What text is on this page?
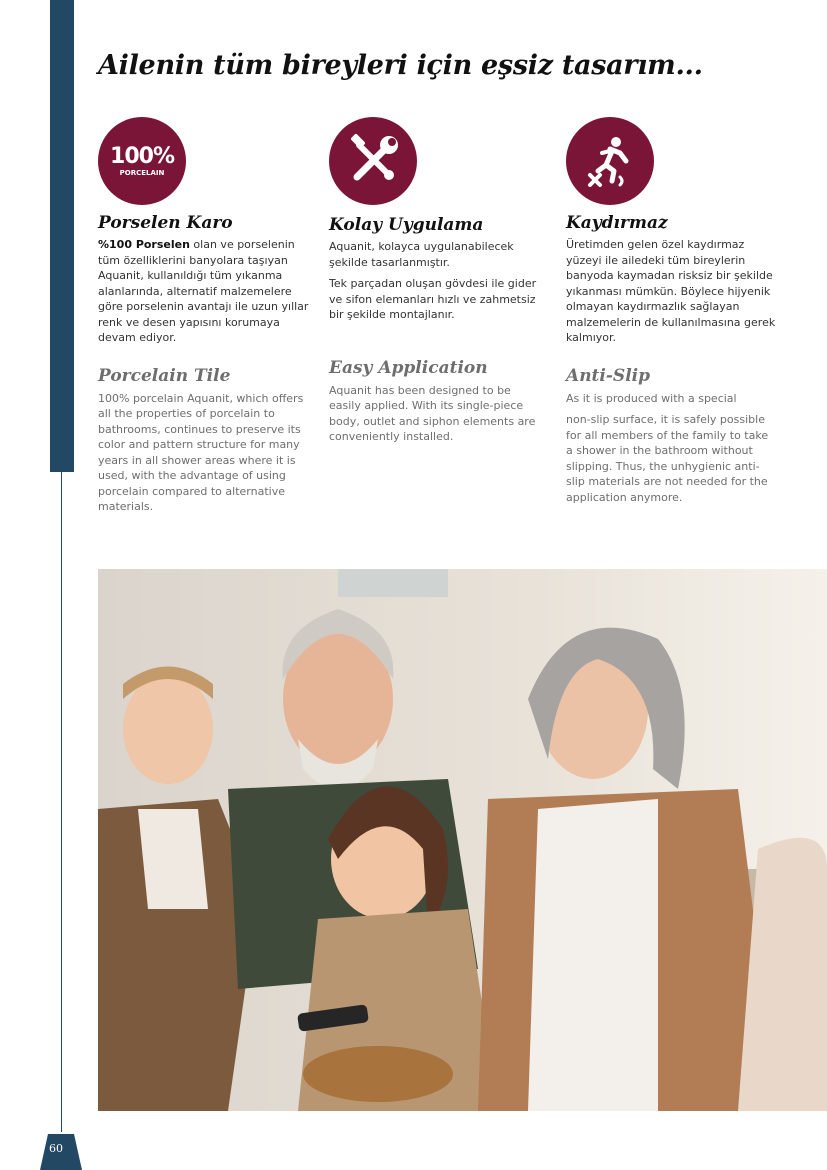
60
Ailenin tüm bireyleri için eşsiz tasarım...
100%
PORCELAIN
Porselen Karo

%100 Porselen olan ve porselenin tüm özelliklerini banyolara taşıyan Aquanit, kullanıldığı tüm yıkanma alanlarında, alternatif malzemelere göre porselenin avantajı ile uzun yıllar renk ve desen yapısını korumaya devam ediyor.

Porcelain Tile

100% porcelain Aquanit, which offers all the properties of porcelain to bathrooms, continues to preserve its color and pattern structure for many years in all shower areas where it is used, with the advantage of using porcelain compared to alternative materials.

Kolay Uygulama

Aquanit, kolayca uygulanabilecek şekilde tasarlanmıştır.

Tek parçadan oluşan gövdesi ile gider ve sifon elemanları hızlı ve zahmetsiz bir şekilde montajlanır.

Easy Application

Aquanit has been designed to be easily applied. With its single-piece body, outlet and siphon elements are conveniently installed.

Kaydırmaz

Üretimden gelen özel kaydırmaz yüzeyi ile ailedeki tüm bireylerin banyoda kaymadan risksiz bir şekilde yıkanması mümkün. Böylece hijyenik olmayan kaydırmazlık sağlayan malzemelerin de kullanılmasına gerek kalmıyor.

Anti-Slip

As it is produced with a special

non-slip surface, it is safely possible for all members of the family to take a shower in the bathroom without slipping. Thus, the unhygienic anti-slip materials are not needed for the application anymore.
